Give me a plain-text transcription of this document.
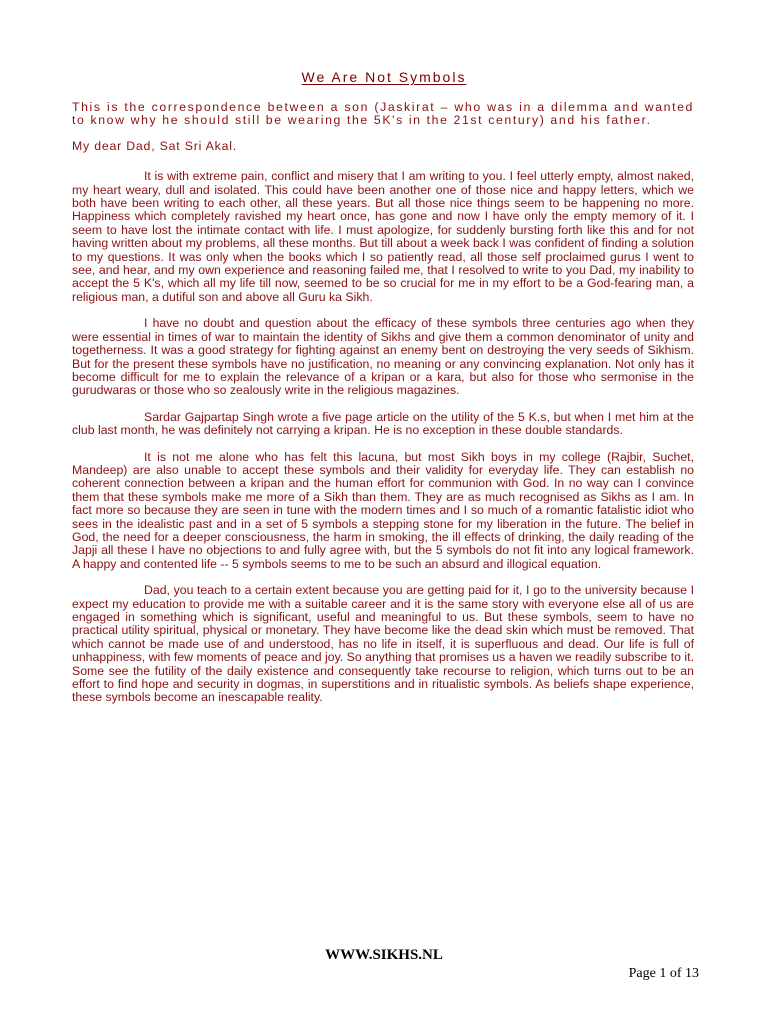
We Are Not Symbols

This is the correspondence between a son (Jaskirat – who was in a dilemma and wanted to know why he should still be wearing the 5K's in the 21st century) and his father.

My dear Dad, Sat Sri Akal.

It is with extreme pain, conflict and misery that I am writing to you. I feel utterly empty, almost naked, my heart weary, dull and isolated. This could have been another one of those nice and happy letters, which we both have been writing to each other, all these years. But all those nice things seem to be happening no more. Happiness which completely ravished my heart once, has gone and now I have only the empty memory of it. I seem to have lost the intimate contact with life. I must apologize, for suddenly bursting forth like this and for not having written about my problems, all these months. But till about a week back I was confident of finding a solution to my questions. It was only when the books which I so patiently read, all those self proclaimed gurus I went to see, and hear, and my own experience and reasoning failed me, that I resolved to write to you Dad, my inability to accept the 5 K's, which all my life till now, seemed to be so crucial for me in my effort to be a God-fearing man, a religious man, a dutiful son and above all Guru ka Sikh.

I have no doubt and question about the efficacy of these symbols three centuries ago when they were essential in times of war to maintain the identity of Sikhs and give them a common denominator of unity and togetherness. It was a good strategy for fighting against an enemy bent on destroying the very seeds of Sikhism. But for the present these symbols have no justification, no meaning or any convincing explanation. Not only has it become difficult for me to explain the relevance of a kripan or a kara, but also for those who sermonise in the gurudwaras or those who so zealously write in the religious magazines.

Sardar Gajpartap Singh wrote a five page article on the utility of the 5 K.s, but when I met him at the club last month, he was definitely not carrying a kripan. He is no exception in these double standards.

It is not me alone who has felt this lacuna, but most Sikh boys in my college (Rajbir, Suchet, Mandeep) are also unable to accept these symbols and their validity for everyday life. They can establish no coherent connection between a kripan and the human effort for communion with God. In no way can I convince them that these symbols make me more of a Sikh than them. They are as much recognised as Sikhs as I am. In fact more so because they are seen in tune with the modern times and I so much of a romantic fatalistic idiot who sees in the idealistic past and in a set of 5 symbols a stepping stone for my liberation in the future. The belief in God, the need for a deeper consciousness, the harm in smoking, the ill effects of drinking, the daily reading of the Japji all these I have no objections to and fully agree with, but the 5 symbols do not fit into any logical framework. A happy and contented life -- 5 symbols seems to me to be such an absurd and illogical equation.

Dad, you teach to a certain extent because you are getting paid for it, I go to the university because I expect my education to provide me with a suitable career and it is the same story with everyone else all of us are engaged in something which is significant, useful and meaningful to us. But these symbols, seem to have no practical utility spiritual, physical or monetary. They have become like the dead skin which must be removed. That which cannot be made use of and understood, has no life in itself, it is superfluous and dead. Our life is full of unhappiness, with few moments of peace and joy. So anything that promises us a haven we readily subscribe to it. Some see the futility of the daily existence and consequently take recourse to religion, which turns out to be an effort to find hope and security in dogmas, in superstitions and in ritualistic symbols. As beliefs shape experience, these symbols become an inescapable reality.

WWW.SIKHS.NL
Page 1 of 13
